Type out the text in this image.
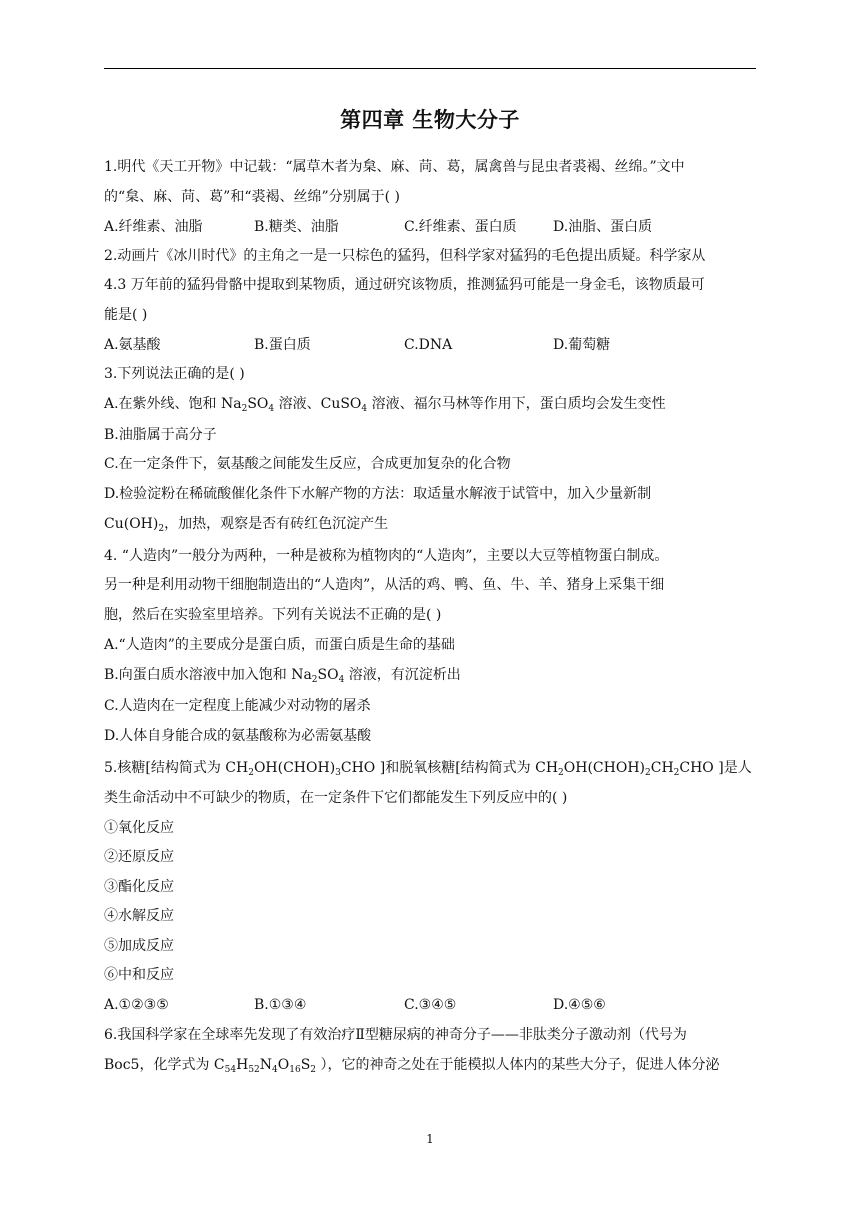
第四章 生物大分子
1.明代《天工开物》中记载：“属草木者为枲、麻、苘、葛，属禽兽与昆虫者裘褐、丝绵。”文中
的“枲、麻、苘、葛”和“裘褐、丝绵”分别属于( )
A.纤维素、油脂	B.糖类、油脂	C.纤维素、蛋白质	D.油脂、蛋白质
2.动画片《冰川时代》的主角之一是一只棕色的猛犸，但科学家对猛犸的毛色提出质疑。科学家从
4.3 万年前的猛犸骨骼中提取到某物质，通过研究该物质，推测猛犸可能是一身金毛，该物质最可
能是( )
A.氨基酸	B.蛋白质	C.DNA	D.葡萄糖
3.下列说法正确的是( )
A.在紫外线、饱和 $Na_2SO_4$ 溶液、CuSO$_4$ 溶液、福尔马林等作用下，蛋白质均会发生变性
B.油脂属于高分子
C.在一定条件下，氨基酸之间能发生反应，合成更加复杂的化合物
D.检验淀粉在稀硫酸催化条件下水解产物的方法：取适量水解液于试管中，加入少量新制
$Cu(OH)_2$，加热，观察是否有砖红色沉淀产生
4. “人造肉”一般分为两种，一种是被称为植物肉的“人造肉”，主要以大豆等植物蛋白制成。
另一种是利用动物干细胞制造出的“人造肉”，从活的鸡、鸭、鱼、牛、羊、猪身上采集干细
胞，然后在实验室里培养。下列有关说法不正确的是( )
A.“人造肉”的主要成分是蛋白质，而蛋白质是生命的基础
B.向蛋白质水溶液中加入饱和 $Na_2SO_4$ 溶液，有沉淀析出
C.人造肉在一定程度上能减少对动物的屠杀
D.人体自身能合成的氨基酸称为必需氨基酸
5.核糖[结构简式为 $CH_2OH(CHOH)_3CHO$ ]和脱氧核糖[结构简式为 $CH_2OH(CHOH)_2CH_2CHO$ ]是人
类生命活动中不可缺少的物质，在一定条件下它们都能发生下列反应中的( )
①氧化反应
②还原反应
③酯化反应
④水解反应
⑤加成反应
⑥中和反应
A.①②③⑤	B.①③④	C.③④⑤	D.④⑤⑥
6.我国科学家在全球率先发现了有效治疗Ⅱ型糖尿病的神奇分子——非肽类分子激动剂（代号为
Boc5，化学式为 $C_{54}H_{52}N_4O_{16}S_2$ ），它的神奇之处在于能模拟人体内的某些大分子，促进人体分泌
1
